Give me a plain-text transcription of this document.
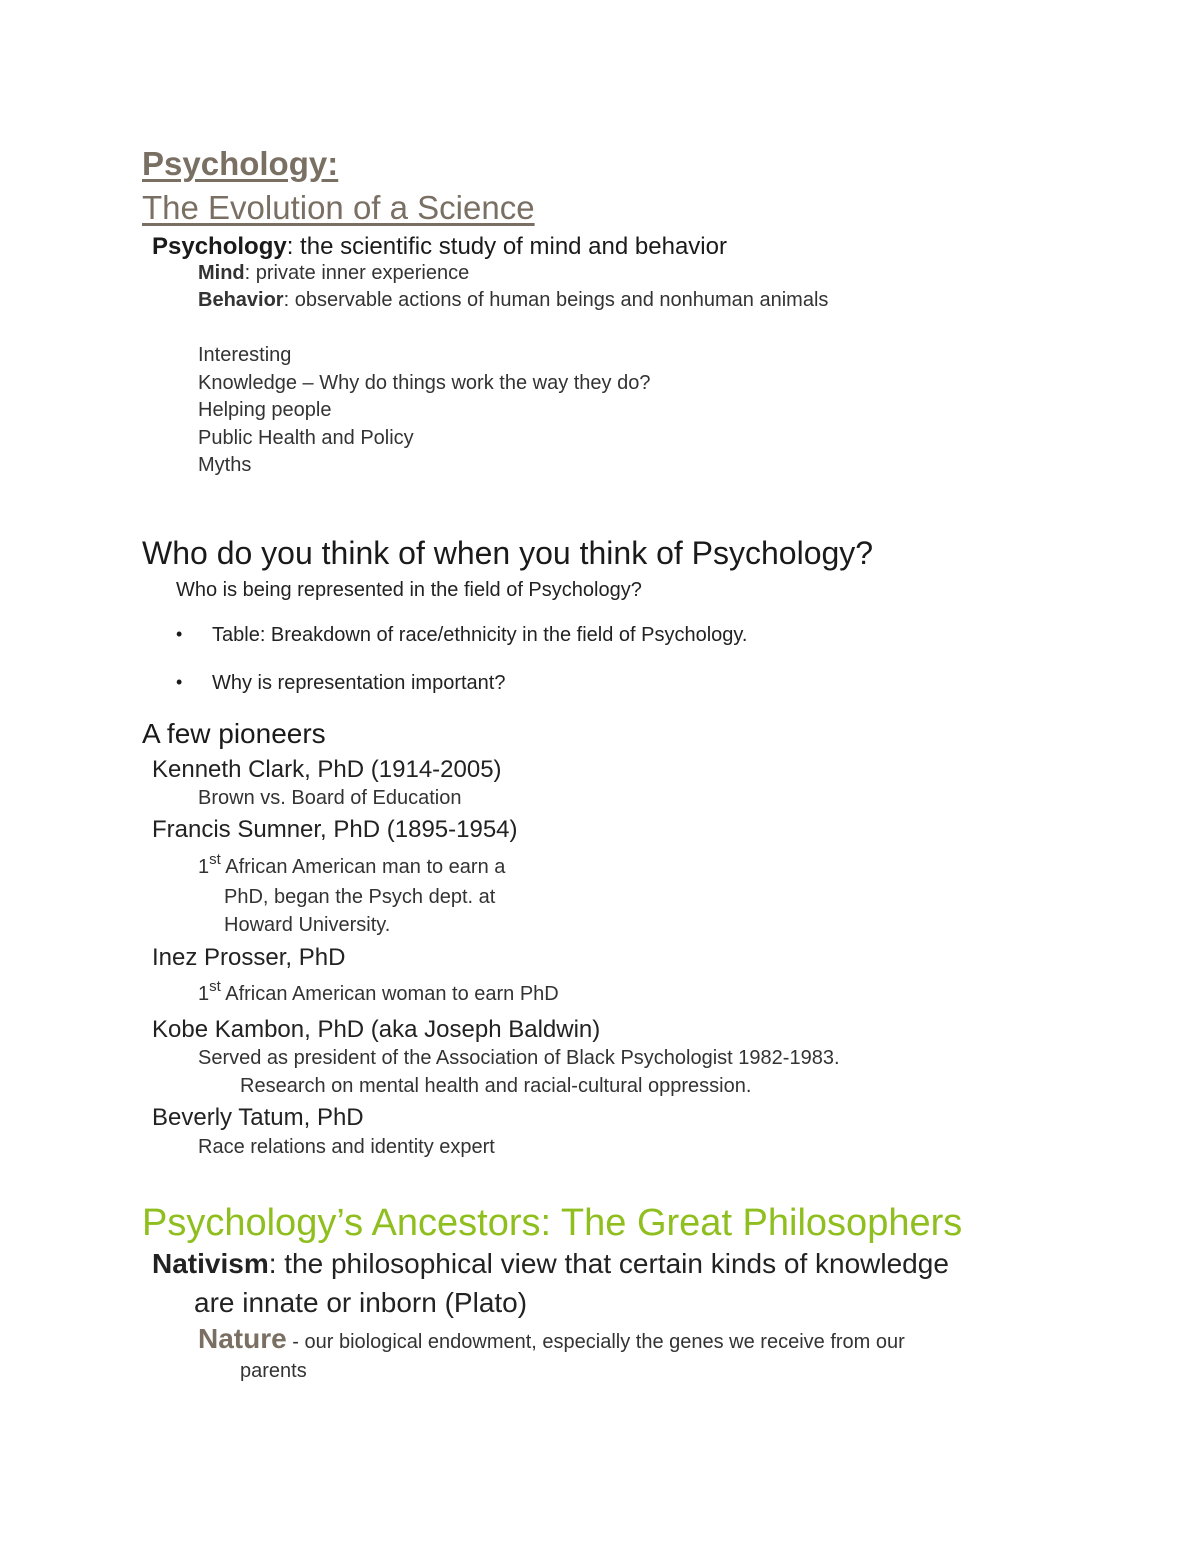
Psychology:
The Evolution of a Science
Psychology: the scientific study of mind and behavior
Mind: private inner experience
Behavior: observable actions of human beings and nonhuman animals
Interesting
Knowledge – Why do things work the way they do?
Helping people
Public Health and Policy
Myths
Who do you think of when you think of Psychology?
Who is being represented in the field of Psychology?
• Table: Breakdown of race/ethnicity in the field of Psychology.
• Why is representation important?
A few pioneers
Kenneth Clark, PhD (1914-2005)
Brown vs. Board of Education
Francis Sumner, PhD (1895-1954)
1st African American man to earn a
PhD, began the Psych dept. at
Howard University.
Inez Prosser, PhD
1st African American woman to earn PhD
Kobe Kambon, PhD (aka Joseph Baldwin)
Served as president of the Association of Black Psychologist 1982-1983.
Research on mental health and racial-cultural oppression.
Beverly Tatum, PhD
Race relations and identity expert
Psychology’s Ancestors: The Great Philosophers
Nativism: the philosophical view that certain kinds of knowledge
are innate or inborn (Plato)
Nature - our biological endowment, especially the genes we receive from our
parents
